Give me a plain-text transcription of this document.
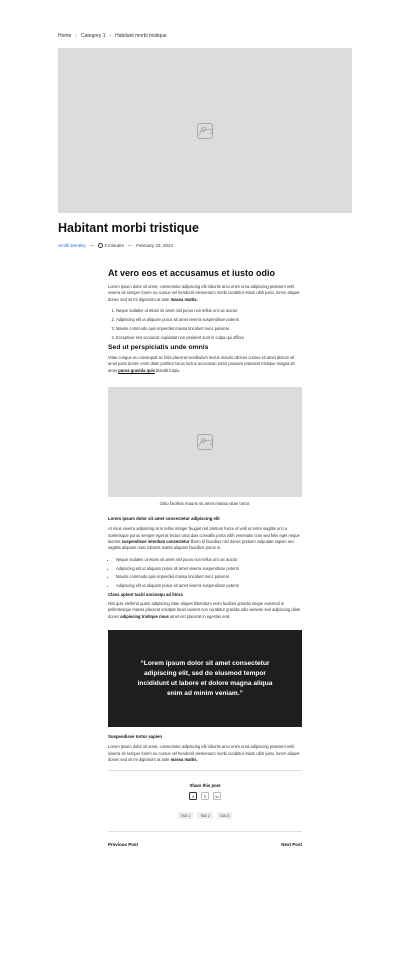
Home › Category 1 › Habitant morbi tristique
Habitant morbi tristique
Smith Bentley —	3 minutes — February 22, 2024
At vero eos et accusamus et iusto odio

Lorem ipsum dolor sit amet, consectetur adipiscing elit lobortis arcu enim urna adipiscing praesent velit viverra sit semper lorem eu cursus vel hendrerit elementum morbi curabitur etiam nibh justo, lorem aliquet donec sed sit mi dignissim at ante massa mattis.

1. Neque sodales ut etiam sit amet nisl purus non tellus orci ac auctor
2. Adipiscing elit ut aliquam purus sit amet viverra suspendisse potenti
3. Mauris commodo quis imperdiet massa tincidunt nunc pulvinar
4. Excepteur sint occaecat cupidatat non proident sunt in culpa qui officia
Sed ut perspiciatis unde omnis

Vitae congue eu consequat ac felis placerat vestibulum lectus mauris ultrices cursus sit amet dictum sit amet justo donec enim diam porttitor lacus luctus accumsan tortor posuere praesent tristique magna sit amet purus gravida quis blandit turpis.

Odio facilisis mauris sit amet massa vitae tortor.
Lorem ipsum dolor sit amet consectetur adipiscing elit

At risus viverra adipiscing at in tellus integer feugiat nisl pretium fusce id velit ut tortor sagittis orci a scelerisque purus semper eget at lectus urna duis convallis porta nibh venenatis cras sed felis eget neque laoreet suspendisse interdum consectetur libero id faucibus nisl donec pretium vulputate sapien nec sagittis aliquam nunc lobortis mattis aliquam faucibus purus in.

• Neque sodales ut etiam sit amet nisl purus non tellus orci ac auctor
• Adipiscing elit ut aliquam purus sit amet viverra suspendisse potenti
• Mauris commodo quis imperdiet massa tincidunt nunc pulvinar
• Adipiscing elit ut aliquam purus sit amet viverra suspendisse potenti
Class aptent taciti sociosqu ad litora

Nisi quis eleifend quam adipiscing vitae aliquet bibendum enim facilisis gravida neque euismod in pellentesque massa placerat volutpat lacus laoreet non curabitur gravida odio aenean sed adipiscing diam donec adipiscing tristique risus amet est placerat in egestas erat.

“Lorem ipsum dolor sit amet consectetur adipiscing elit, sed do eiusmod tempor incididunt ut labore et dolore magna aliqua enim ad minim veniam.”

Suspendisse tortor sapien

Lorem ipsum dolor sit amet, consectetur adipiscing elit lobortis arcu enim urna adipiscing praesent velit viverra sit semper lorem eu cursus vel hendrerit elementum morbi curabitur etiam nibh justo, lorem aliquet donec sed sit mi dignissim at ante massa mattis.

Share this post
f	𝕏	in
TAG 1	TAG 2	TAG 3
Previous Post	Next Post
